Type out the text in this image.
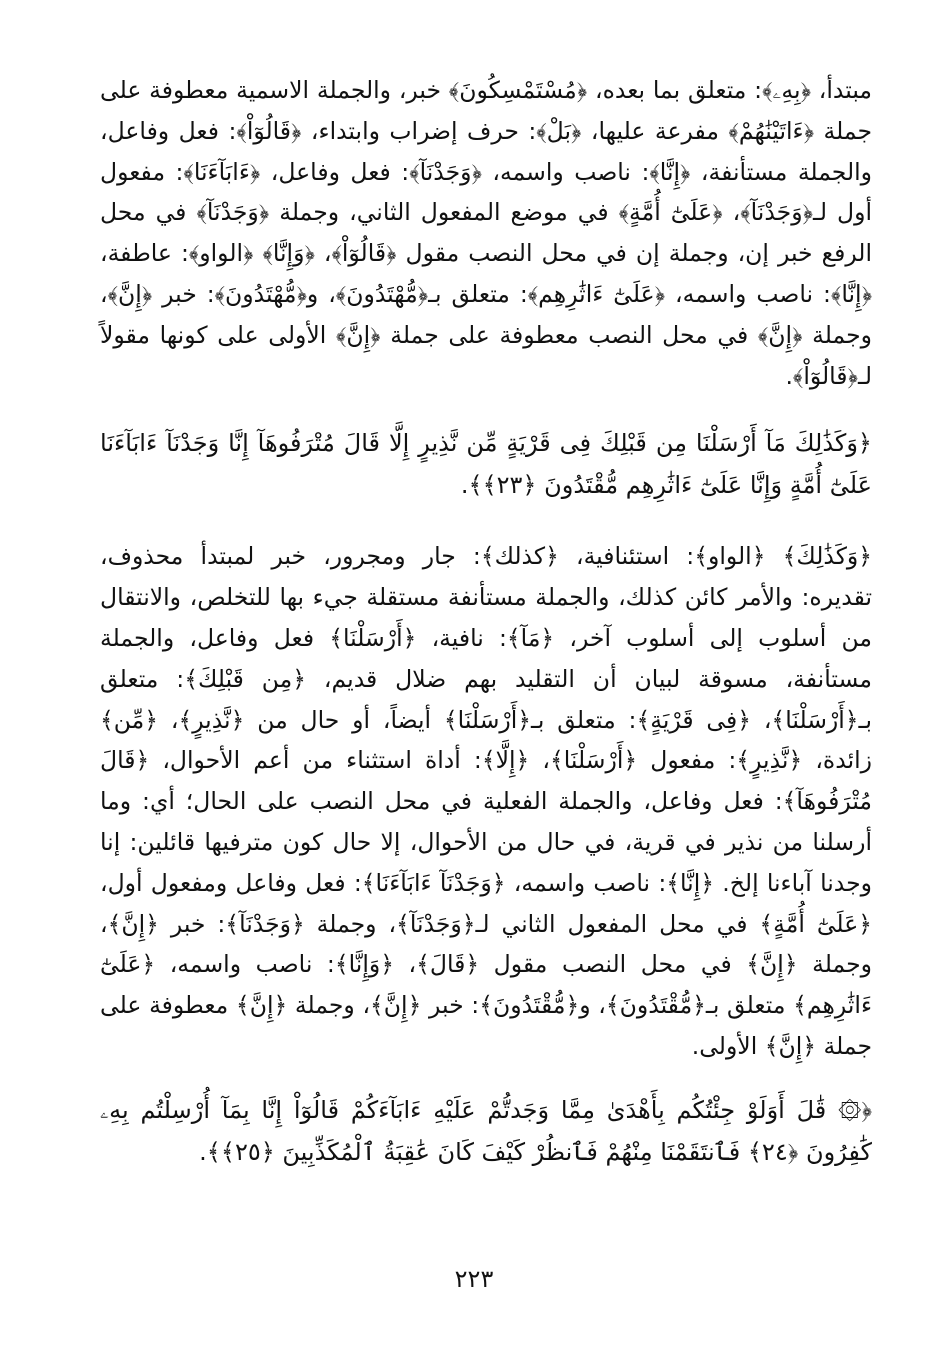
مبتدأ، ﴿بِهِۦ﴾: متعلق بما بعده، ﴿مُسْتَمْسِكُونَ﴾ خبر، والجملة الاسمية معطوفة على جملة ﴿ءَاتَيْنَٰهُمْ﴾ مفرعة عليها، ﴿بَلْ﴾: حرف إضراب وابتداء، ﴿قَالُوٓاْ﴾: فعل وفاعل، والجملة مستأنفة، ﴿إِنَّا﴾: ناصب واسمه، ﴿وَجَدْنَآ﴾: فعل وفاعل، ﴿ءَابَآءَنَا﴾: مفعول أول لـ﴿وَجَدْنَآ﴾، ﴿عَلَىٰٓ أُمَّةٍ﴾ في موضع المفعول الثاني، وجملة ﴿وَجَدْنَآ﴾ في محل الرفع خبر إن، وجملة إن في محل النصب مقول ﴿قَالُوٓاْ﴾، ﴿وَإِنَّا﴾ ﴿الواو﴾: عاطفة، ﴿إِنَّا﴾: ناصب واسمه، ﴿عَلَىٰٓ ءَاثَٰرِهِم﴾: متعلق بـ﴿مُّهْتَدُونَ﴾، و﴿مُّهْتَدُونَ﴾: خبر ﴿إِنَّ﴾، وجملة ﴿إِنَّ﴾ في محل النصب معطوفة على جملة ﴿إِنَّ﴾ الأولى على كونها مقولاً لـ﴿قَالُوٓاْ﴾.

﴿وَكَذَٰلِكَ مَآ أَرْسَلْنَا مِن قَبْلِكَ فِى قَرْيَةٍ مِّن نَّذِيرٍ إِلَّا قَالَ مُتْرَفُوهَآ إِنَّا وَجَدْنَآ ءَابَآءَنَا عَلَىٰٓ أُمَّةٍ وَإِنَّا عَلَىٰٓ ءَاثَٰرِهِم مُّقْتَدُونَ ﴿٢٣﴾﴾.

﴿وَكَذَٰلِكَ﴾ ﴿الواو﴾: استئنافية، ﴿كذلك﴾: جار ومجرور، خبر لمبتدأ محذوف، تقديره: والأمر كائن كذلك، والجملة مستأنفة مستقلة جيء بها للتخلص، والانتقال من أسلوب إلى أسلوب آخر، ﴿مَآ﴾: نافية، ﴿أَرْسَلْنَا﴾ فعل وفاعل، والجملة مستأنفة، مسوقة لبيان أن التقليد بهم ضلال قديم، ﴿مِن قَبْلِكَ﴾: متعلق بـ﴿أَرْسَلْنَا﴾، ﴿فِى قَرْيَةٍ﴾: متعلق بـ﴿أَرْسَلْنَا﴾ أيضاً، أو حال من ﴿نَّذِيرٍ﴾، ﴿مِّن﴾ زائدة، ﴿نَّذِيرٍ﴾: مفعول ﴿أَرْسَلْنَا﴾، ﴿إِلَّا﴾: أداة استثناء من أعم الأحوال، ﴿قَالَ مُتْرَفُوهَآ﴾: فعل وفاعل، والجملة الفعلية في محل النصب على الحال؛ أي: وما أرسلنا من نذير في قرية، في حال من الأحوال، إلا حال كون مترفيها قائلين: إنا وجدنا آباءنا إلخ. ﴿إِنَّا﴾: ناصب واسمه، ﴿وَجَدْنَآ ءَابَآءَنَا﴾: فعل وفاعل ومفعول أول، ﴿عَلَىٰٓ أُمَّةٍ﴾ في محل المفعول الثاني لـ﴿وَجَدْنَآ﴾، وجملة ﴿وَجَدْنَآ﴾: خبر ﴿إِنَّ﴾، وجملة ﴿إِنَّ﴾ في محل النصب مقول ﴿قَالَ﴾، ﴿وَإِنَّا﴾: ناصب واسمه، ﴿عَلَىٰٓ ءَاثَٰرِهِم﴾ متعلق بـ﴿مُّقْتَدُونَ﴾، و﴿مُّقْتَدُونَ﴾: خبر ﴿إِنَّ﴾، وجملة ﴿إِنَّ﴾ معطوفة على جملة ﴿إِنَّ﴾ الأولى.

﴿۞ قَٰلَ أَوَلَوْ جِئْتُكُم بِأَهْدَىٰ مِمَّا وَجَدتُّمْ عَلَيْهِ ءَابَآءَكُمْ قَالُوٓاْ إِنَّا بِمَآ أُرْسِلْتُم بِهِۦ كَٰفِرُونَ ﴿٢٤﴾ فَٱنتَقَمْنَا مِنْهُمْ فَٱنظُرْ كَيْفَ كَانَ عَٰقِبَةُ ٱلْمُكَذِّبِينَ ﴿٢٥﴾﴾.

٢٢٣
